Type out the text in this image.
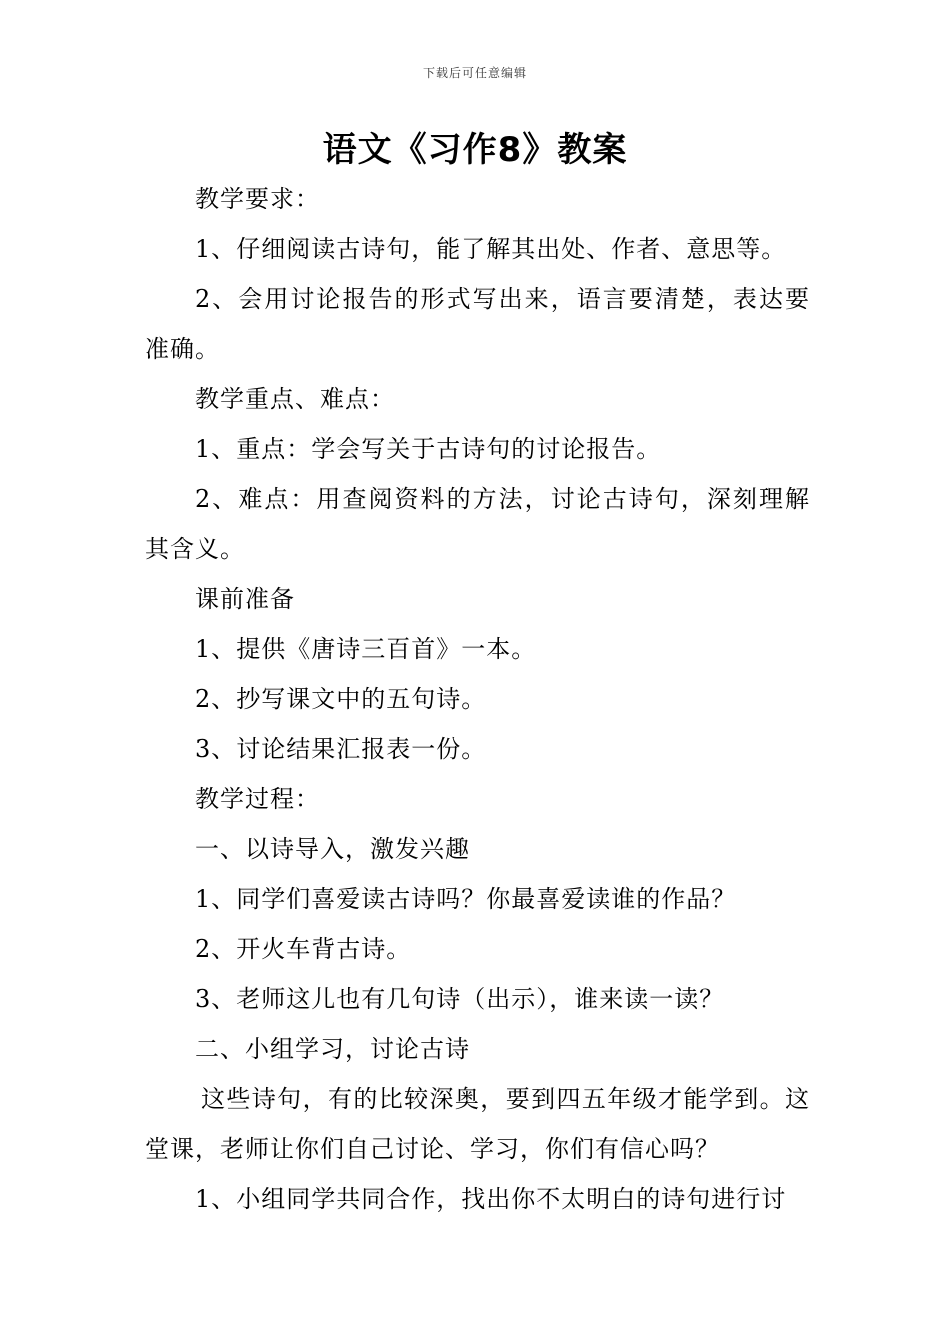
下载后可任意编辑
语文《习作8》教案

教学要求：

1、仔细阅读古诗句，能了解其出处、作者、意思等。

2、会用讨论报告的形式写出来，语言要清楚，表达要准确。

教学重点、难点：

1、重点：学会写关于古诗句的讨论报告。

2、难点：用查阅资料的方法，讨论古诗句，深刻理解其含义。

课前准备

1、提供《唐诗三百首》一本。

2、抄写课文中的五句诗。

3、讨论结果汇报表一份。

教学过程：

一、以诗导入，激发兴趣

1、同学们喜爱读古诗吗？你最喜爱读谁的作品？

2、开火车背古诗。

3、老师这儿也有几句诗（出示），谁来读一读？

二、小组学习，讨论古诗

这些诗句，有的比较深奥，要到四五年级才能学到。这堂课，老师让你们自己讨论、学习，你们有信心吗？

1、小组同学共同合作，找出你不太明白的诗句进行讨
